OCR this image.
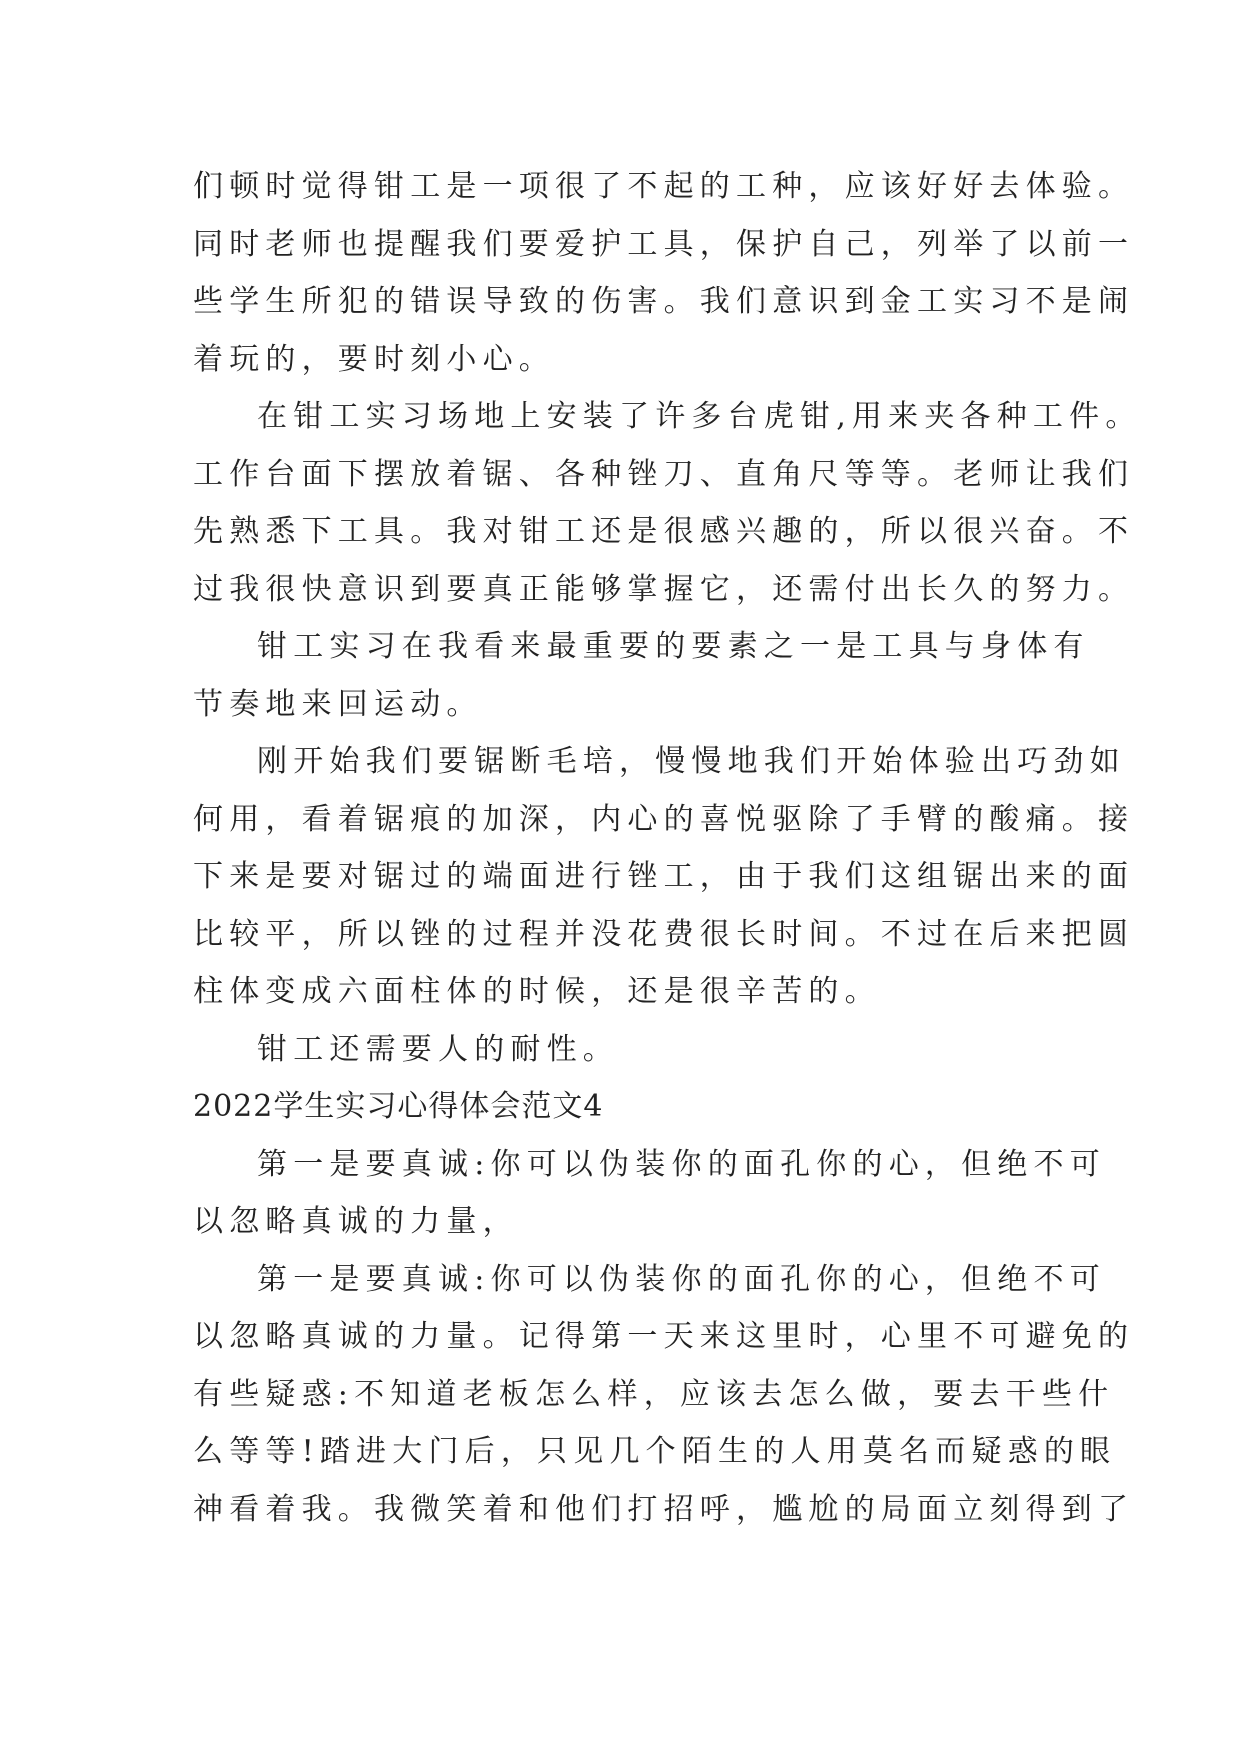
们顿时觉得钳工是一项很了不起的工种，应该好好去体验。
同时老师也提醒我们要爱护工具，保护自己，列举了以前一
些学生所犯的错误导致的伤害。我们意识到金工实习不是闹
着玩的，要时刻小心。
在钳工实习场地上安装了许多台虎钳,用来夹各种工件。
工作台面下摆放着锯、各种锉刀、直角尺等等。老师让我们
先熟悉下工具。我对钳工还是很感兴趣的，所以很兴奋。不
过我很快意识到要真正能够掌握它，还需付出长久的努力。
钳工实习在我看来最重要的要素之一是工具与身体有
节奏地来回运动。
刚开始我们要锯断毛培，慢慢地我们开始体验出巧劲如
何用，看着锯痕的加深，内心的喜悦驱除了手臂的酸痛。接
下来是要对锯过的端面进行锉工，由于我们这组锯出来的面
比较平，所以锉的过程并没花费很长时间。不过在后来把圆
柱体变成六面柱体的时候，还是很辛苦的。
钳工还需要人的耐性。
2022学生实习心得体会范文4
第一是要真诚:你可以伪装你的面孔你的心，但绝不可
以忽略真诚的力量，
第一是要真诚:你可以伪装你的面孔你的心，但绝不可
以忽略真诚的力量。记得第一天来这里时，心里不可避免的
有些疑惑:不知道老板怎么样，应该去怎么做，要去干些什
么等等!踏进大门后，只见几个陌生的人用莫名而疑惑的眼
神看着我。我微笑着和他们打招呼，尴尬的局面立刻得到了
